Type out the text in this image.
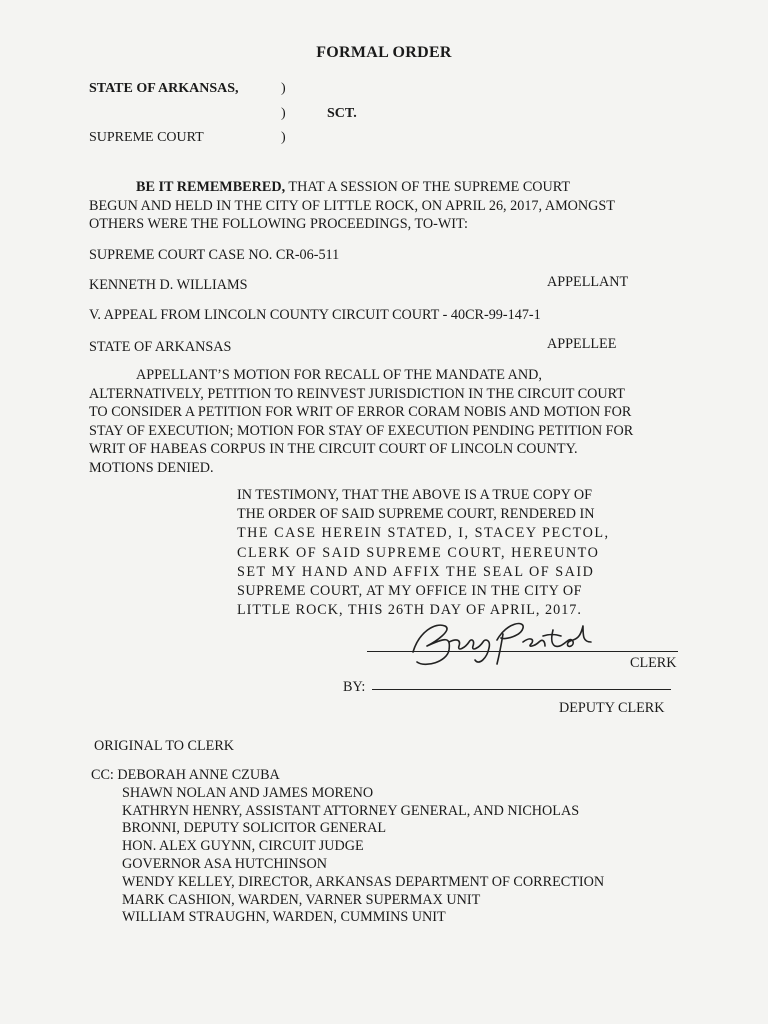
FORMAL ORDER
STATE OF ARKANSAS,	)
)	SCT.
SUPREME COURT	)
BE IT REMEMBERED, THAT A SESSION OF THE SUPREME COURT
BEGUN AND HELD IN THE CITY OF LITTLE ROCK, ON APRIL 26, 2017, AMONGST
OTHERS WERE THE FOLLOWING PROCEEDINGS, TO-WIT:
SUPREME COURT CASE NO. CR-06-511
KENNETH D. WILLIAMS	APPELLANT
V. APPEAL FROM LINCOLN COUNTY CIRCUIT COURT - 40CR-99-147-1
STATE OF ARKANSAS	APPELLEE
APPELLANT’S MOTION FOR RECALL OF THE MANDATE AND,
ALTERNATIVELY, PETITION TO REINVEST JURISDICTION IN THE CIRCUIT COURT
TO CONSIDER A PETITION FOR WRIT OF ERROR CORAM NOBIS AND MOTION FOR
STAY OF EXECUTION; MOTION FOR STAY OF EXECUTION PENDING PETITION FOR
WRIT OF HABEAS CORPUS IN THE CIRCUIT COURT OF LINCOLN COUNTY.
MOTIONS DENIED.
IN TESTIMONY, THAT THE ABOVE IS A TRUE COPY OF
THE ORDER OF SAID SUPREME COURT, RENDERED IN
THE CASE HEREIN STATED, I, STACEY PECTOL,
CLERK OF SAID SUPREME COURT, HEREUNTO
SET MY HAND AND AFFIX THE SEAL OF SAID
SUPREME COURT, AT MY OFFICE IN THE CITY OF
LITTLE ROCK, THIS 26TH DAY OF APRIL, 2017.
CLERK
BY:
DEPUTY CLERK
ORIGINAL TO CLERK
CC: DEBORAH ANNE CZUBA
SHAWN NOLAN AND JAMES MORENO
KATHRYN HENRY, ASSISTANT ATTORNEY GENERAL, AND NICHOLAS
BRONNI, DEPUTY SOLICITOR GENERAL
HON. ALEX GUYNN, CIRCUIT JUDGE
GOVERNOR ASA HUTCHINSON
WENDY KELLEY, DIRECTOR, ARKANSAS DEPARTMENT OF CORRECTION
MARK CASHION, WARDEN, VARNER SUPERMAX UNIT
WILLIAM STRAUGHN, WARDEN, CUMMINS UNIT
